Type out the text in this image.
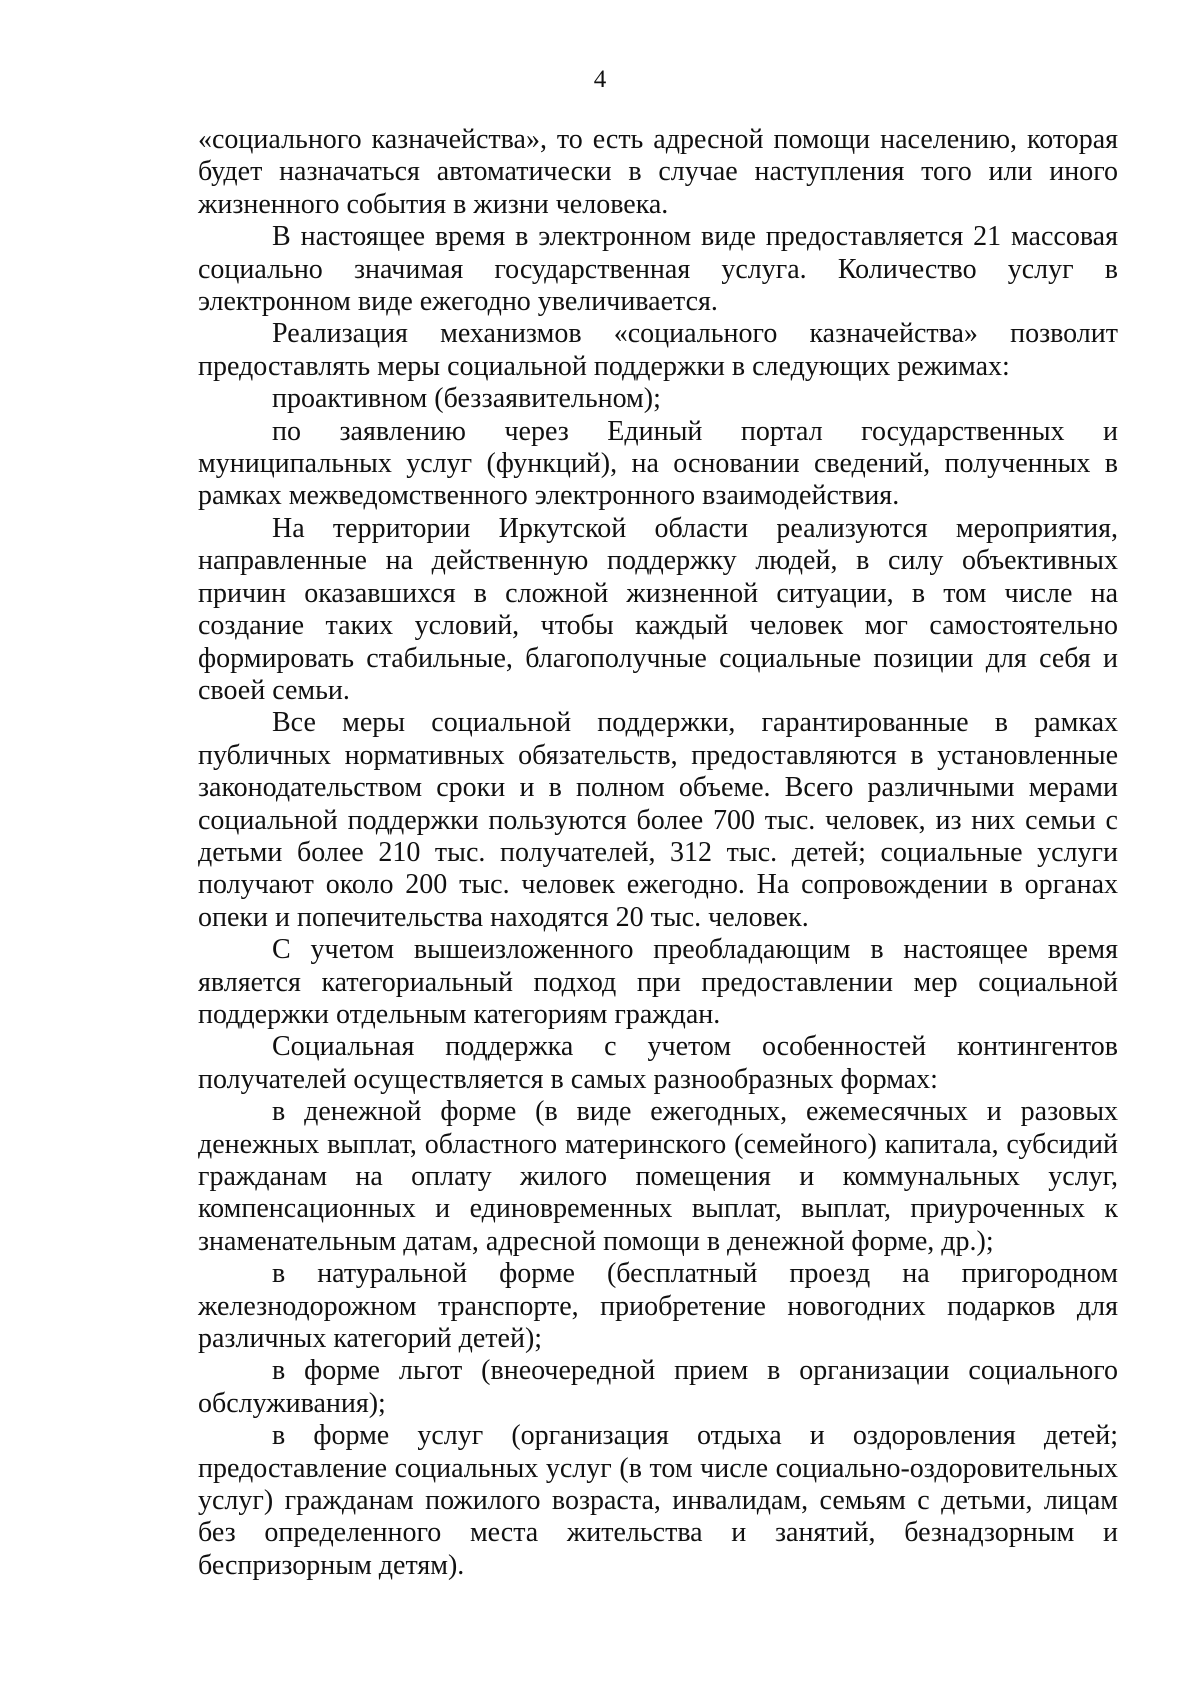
4

«социального казначейства», то есть адресной помощи населению, которая будет назначаться автоматически в случае наступления того или иного жизненного события в жизни человека.

В настоящее время в электронном виде предоставляется 21 массовая социально значимая государственная услуга. Количество услуг в электронном виде ежегодно увеличивается.

Реализация механизмов «социального казначейства» позволит предоставлять меры социальной поддержки в следующих режимах:

проактивном (беззаявительном);

по заявлению через Единый портал государственных и муниципальных услуг (функций), на основании сведений, полученных в рамках межведомственного электронного взаимодействия.

На территории Иркутской области реализуются мероприятия, направленные на действенную поддержку людей, в силу объективных причин оказавшихся в сложной жизненной ситуации, в том числе на создание таких условий, чтобы каждый человек мог самостоятельно формировать стабильные, благополучные социальные позиции для себя и своей семьи.

Все меры социальной поддержки, гарантированные в рамках публичных нормативных обязательств, предоставляются в установленные законодательством сроки и в полном объеме. Всего различными мерами социальной поддержки пользуются более 700 тыс. человек, из них семьи с детьми более 210 тыс. получателей, 312 тыс. детей; социальные услуги получают около 200 тыс. человек ежегодно. На сопровождении в органах опеки и попечительства находятся 20 тыс. человек.

С учетом вышеизложенного преобладающим в настоящее время является категориальный подход при предоставлении мер социальной поддержки отдельным категориям граждан.

Социальная поддержка с учетом особенностей контингентов получателей осуществляется в самых разнообразных формах:

в денежной форме (в виде ежегодных, ежемесячных и разовых денежных выплат, областного материнского (семейного) капитала, субсидий гражданам на оплату жилого помещения и коммунальных услуг, компенсационных и единовременных выплат, выплат, приуроченных к знаменательным датам, адресной помощи в денежной форме, др.);

в натуральной форме (бесплатный проезд на пригородном железнодорожном транспорте, приобретение новогодних подарков для различных категорий детей);

в форме льгот (внеочередной прием в организации социального обслуживания);

в форме услуг (организация отдыха и оздоровления детей; предоставление социальных услуг (в том числе социально-оздоровительных услуг) гражданам пожилого возраста, инвалидам, семьям с детьми, лицам без определенного места жительства и занятий, безнадзорным и беспризорным детям).
